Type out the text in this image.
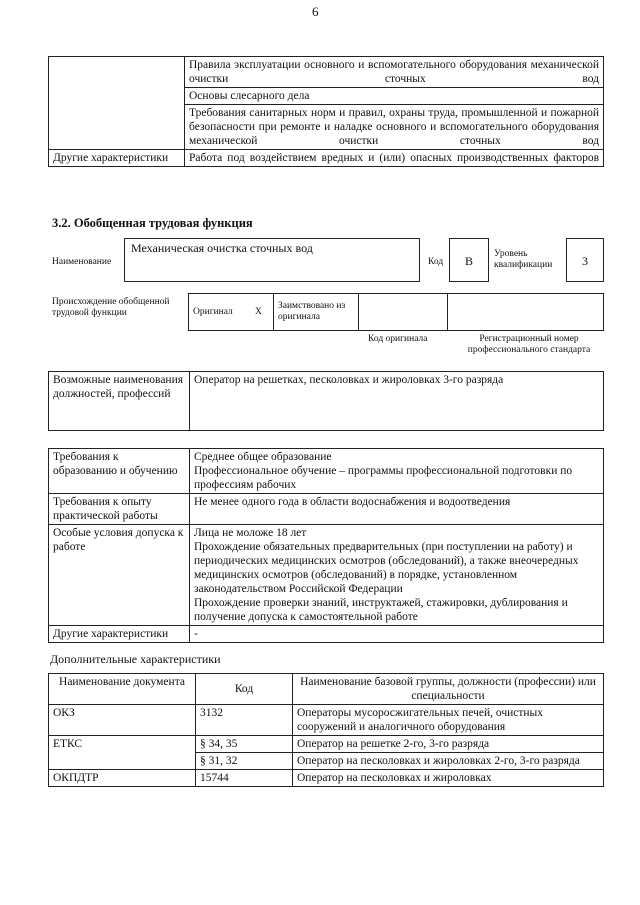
6
	Правила эксплуатации основного и вспомогательного оборудования механической очистки сточных вод
	Основы слесарного дела
	Требования санитарных норм и правил, охраны труда, промышленной и пожарной безопасности при ремонте и наладке основного и вспомогательного оборудования механической очистки сточных вод
Другие характеристики	Работа под воздействием вредных и (или) опасных производственных факторов
3.2. Обобщенная трудовая функция
Наименование
Механическая очистка сточных вод
Код	B	Уровень квалификации	3
Происхождение обобщенной трудовой функции	Оригинал	X	Заимствовано из оригинала		
Код оригинала	Регистрационный номер профессионального стандарта
Возможные наименования должностей, профессий	Оператор на решетках, песколовках и жироловках 3-го разряда
Требования к образованию и обучению	Среднее общее образование
Профессиональное обучение – программы профессиональной подготовки по профессиям рабочих
Требования к опыту практической работы	Не менее одного года в области водоснабжения и водоотведения
Особые условия допуска к работе	Лица не моложе 18 лет
Прохождение обязательных предварительных (при поступлении на работу) и периодических медицинских осмотров (обследований), а также внеочередных медицинских осмотров (обследований) в порядке, установленном законодательством Российской Федерации
Прохождение проверки знаний, инструктажей, стажировки, дублирования и получение допуска к самостоятельной работе
Другие характеристики	-
Дополнительные характеристики
Наименование документа	Код	Наименование базовой группы, должности (профессии) или специальности
ОКЗ	3132	Операторы мусоросжигательных печей, очистных сооружений и аналогичного оборудования
ЕТКС	§ 34, 35	Оператор на решетке 2-го, 3-го разряда
	§ 31, 32	Оператор на песколовках и жироловках 2-го, 3-го разряда
ОКПДТР	15744	Оператор на песколовках и жироловках
